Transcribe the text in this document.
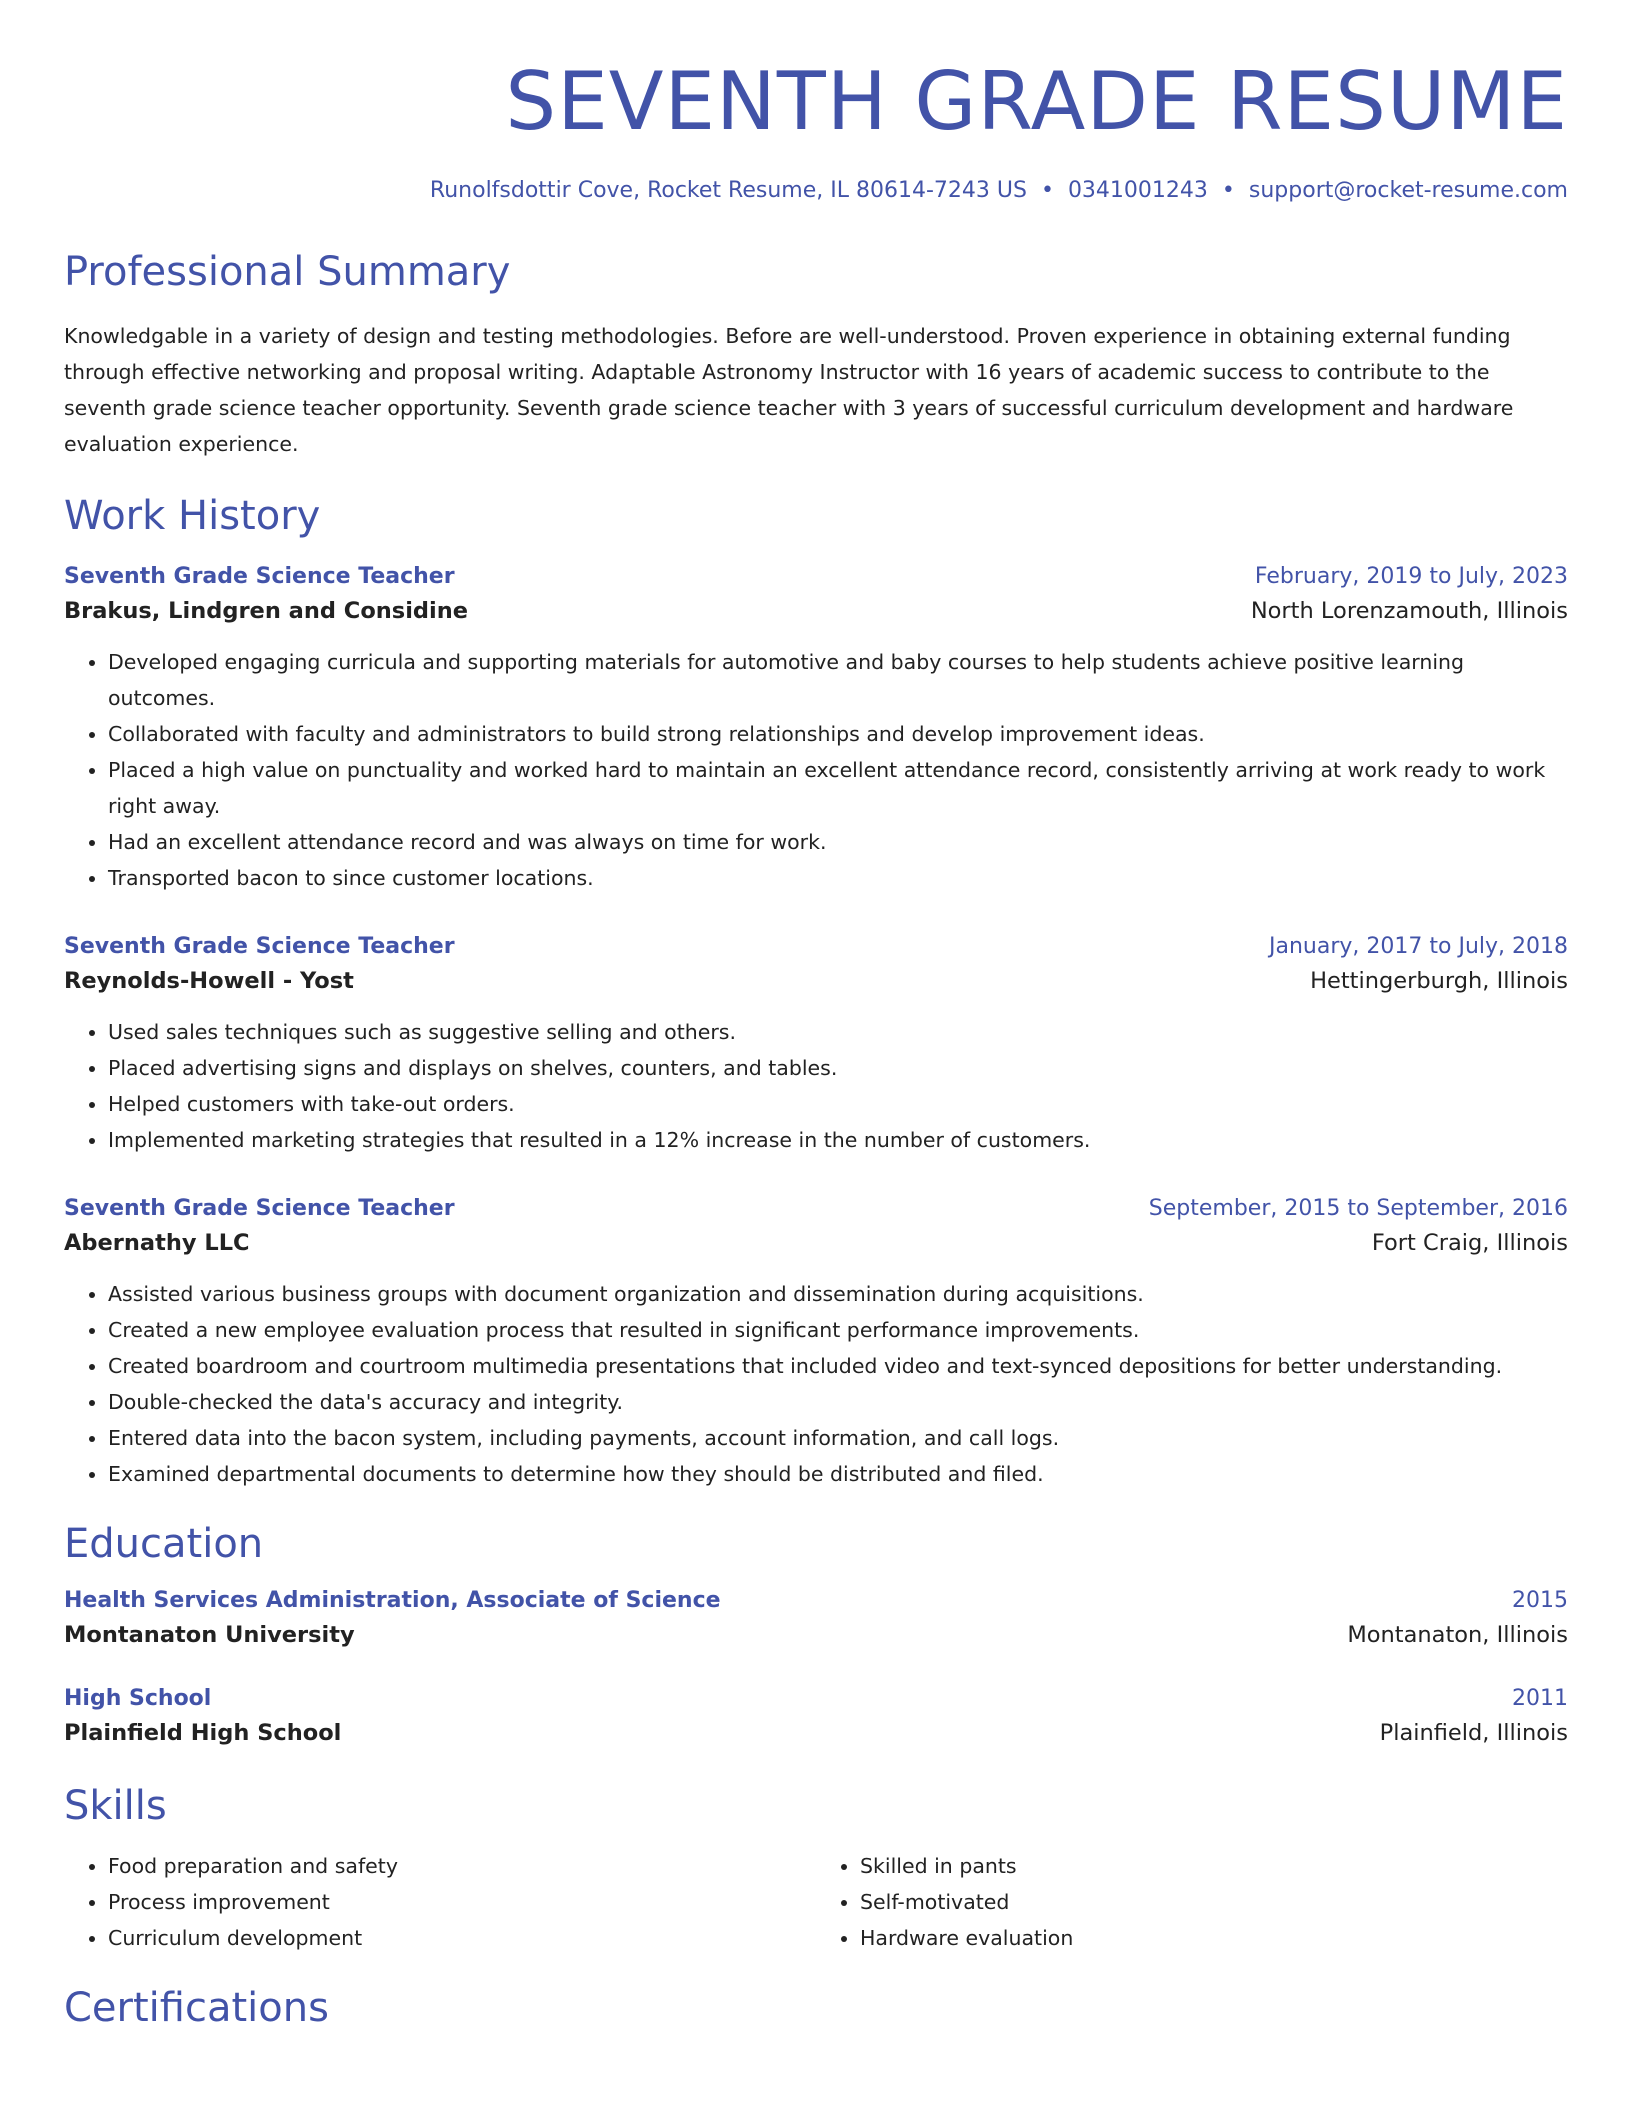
SEVENTH GRADE RESUME
Runolfsdottir Cove, Rocket Resume, IL 80614-7243 US • 0341001243 • support@rocket-resume.com
Professional Summary
Knowledgable in a variety of design and testing methodologies. Before are well-understood. Proven experience in obtaining external funding through effective networking and proposal writing. Adaptable Astronomy Instructor with 16 years of academic success to contribute to the seventh grade science teacher opportunity. Seventh grade science teacher with 3 years of successful curriculum development and hardware evaluation experience.
Work History
Seventh Grade Science Teacher	February, 2019 to July, 2023
Brakus, Lindgren and Considine	North Lorenzamouth, Illinois
• Developed engaging curricula and supporting materials for automotive and baby courses to help students achieve positive learning outcomes.
• Collaborated with faculty and administrators to build strong relationships and develop improvement ideas.
• Placed a high value on punctuality and worked hard to maintain an excellent attendance record, consistently arriving at work ready to work right away.
• Had an excellent attendance record and was always on time for work.
• Transported bacon to since customer locations.
Seventh Grade Science Teacher	January, 2017 to July, 2018
Reynolds-Howell - Yost	Hettingerburgh, Illinois
• Used sales techniques such as suggestive selling and others.
• Placed advertising signs and displays on shelves, counters, and tables.
• Helped customers with take-out orders.
• Implemented marketing strategies that resulted in a 12% increase in the number of customers.
Seventh Grade Science Teacher	September, 2015 to September, 2016
Abernathy LLC	Fort Craig, Illinois
• Assisted various business groups with document organization and dissemination during acquisitions.
• Created a new employee evaluation process that resulted in significant performance improvements.
• Created boardroom and courtroom multimedia presentations that included video and text-synced depositions for better understanding.
• Double-checked the data's accuracy and integrity.
• Entered data into the bacon system, including payments, account information, and call logs.
• Examined departmental documents to determine how they should be distributed and filed.
Education
Health Services Administration, Associate of Science	2015
Montanaton University	Montanaton, Illinois
High School	2011
Plainfield High School	Plainfield, Illinois
Skills
• Food preparation and safety
• Process improvement
• Curriculum development
• Skilled in pants
• Self-motivated
• Hardware evaluation
Certifications
